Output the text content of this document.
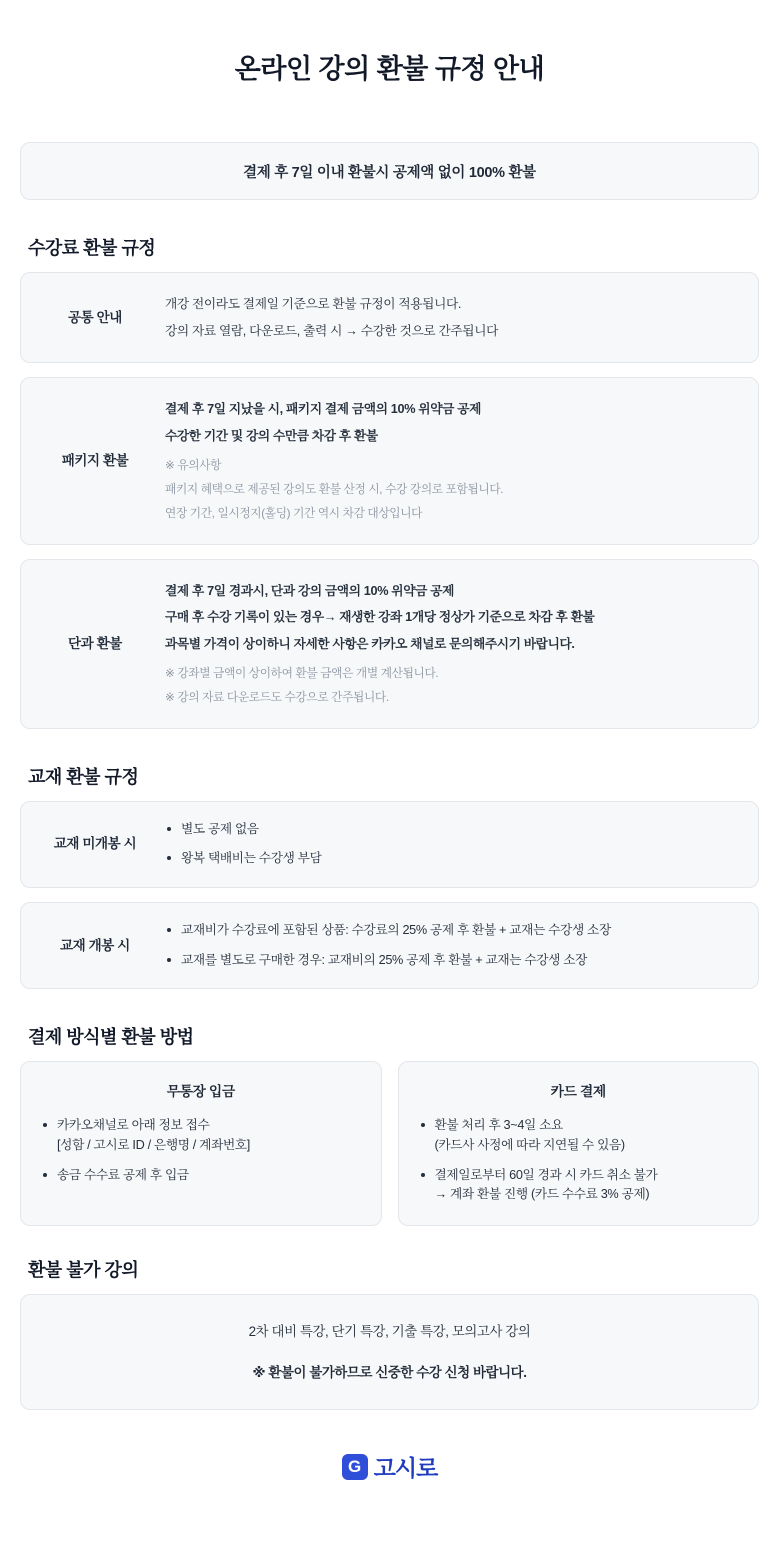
온라인 강의 환불 규정 안내
결제 후 7일 이내 환불시 공제액 없이 100% 환불
수강료 환불 규정
공통 안내
개강 전이라도 결제일 기준으로 환불 규정이 적용됩니다.
강의 자료 열람, 다운로드, 출력 시 → 수강한 것으로 간주됩니다
패키지 환불
결제 후 7일 지났을 시, 패키지 결제 금액의 10% 위약금 공제
수강한 기간 및 강의 수만큼 차감 후 환불
※ 유의사항
패키지 혜택으로 제공된 강의도 환불 산정 시, 수강 강의로 포함됩니다.
연장 기간, 일시정지(홀딩) 기간 역시 차감 대상입니다
단과 환불
결제 후 7일 경과시, 단과 강의 금액의 10% 위약금 공제
구매 후 수강 기록이 있는 경우→ 재생한 강좌 1개당 정상가 기준으로 차감 후 환불
과목별 가격이 상이하니 자세한 사항은 카카오 채널로 문의해주시기 바랍니다.
※ 강좌별 금액이 상이하여 환불 금액은 개별 계산됩니다.
※ 강의 자료 다운로드도 수강으로 간주됩니다.
교재 환불 규정
교재 미개봉 시
별도 공제 없음
왕복 택배비는 수강생 부담
교재 개봉 시
교재비가 수강료에 포함된 상품: 수강료의 25% 공제 후 환불 + 교재는 수강생 소장
교재를 별도로 구매한 경우: 교재비의 25% 공제 후 환불 + 교재는 수강생 소장
결제 방식별 환불 방법
무통장 입금
카카오채널로 아래 정보 접수
[성함 / 고시로 ID / 은행명 / 계좌번호]
송금 수수료 공제 후 입금
카드 결제
환불 처리 후 3~4일 소요
(카드사 사정에 따라 지연될 수 있음)
결제일로부터 60일 경과 시 카드 취소 불가
→ 계좌 환불 진행 (카드 수수료 3% 공제)
환불 불가 강의
2차 대비 특강, 단기 특강, 기출 특강, 모의고사 강의
※ 환불이 불가하므로 신중한 수강 신청 바랍니다.
G 고시로
